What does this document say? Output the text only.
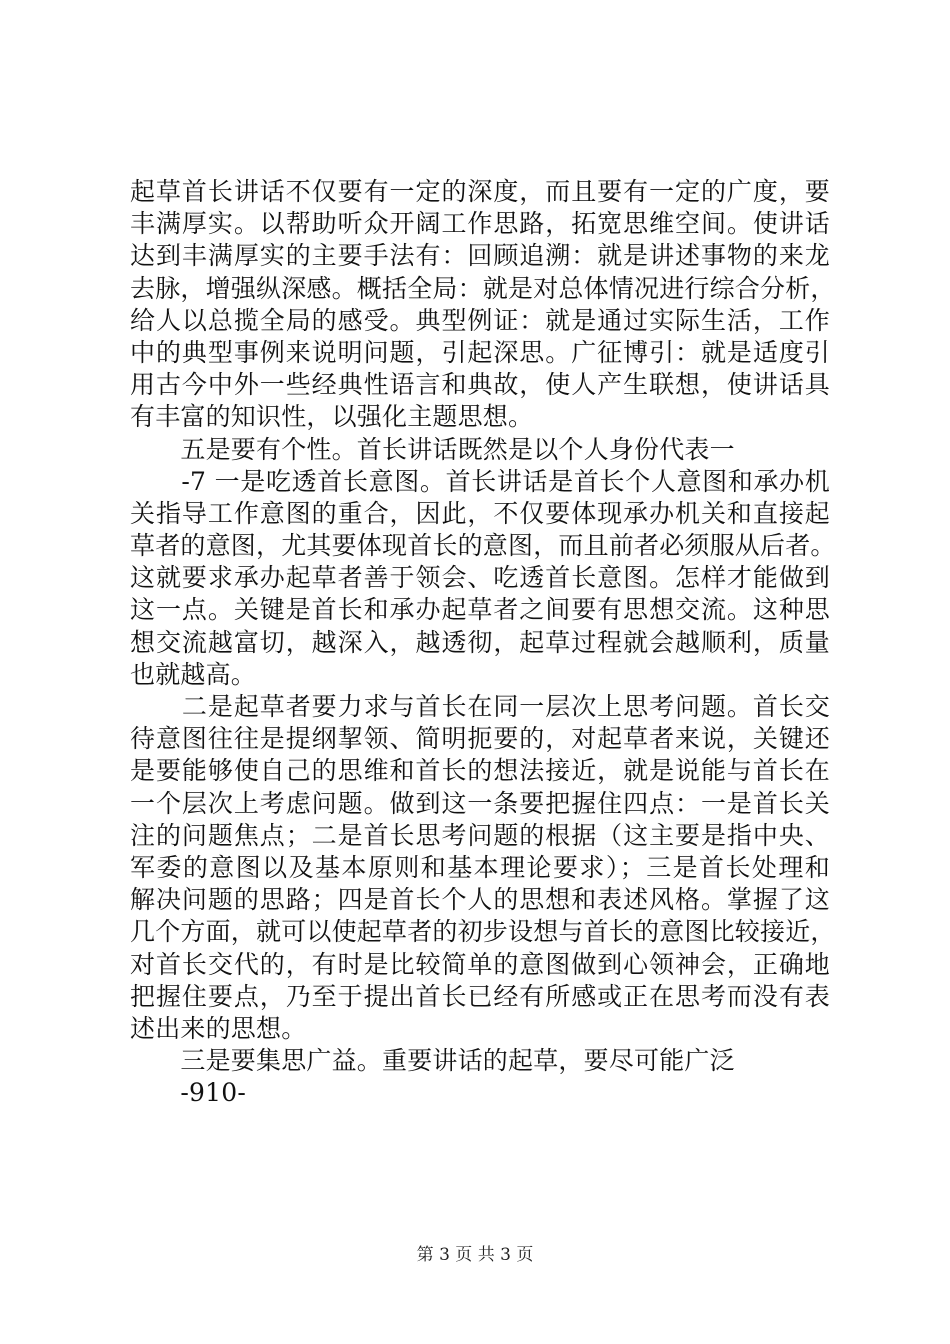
起草首长讲话不仅要有一定的深度，而且要有一定的广度，要
丰满厚实。以帮助听众开阔工作思路，拓宽思维空间。使讲话
达到丰满厚实的主要手法有：回顾追溯：就是讲述事物的来龙
去脉，增强纵深感。概括全局：就是对总体情况进行综合分析，
给人以总揽全局的感受。典型例证：就是通过实际生活，工作
中的典型事例来说明问题，引起深思。广征博引：就是适度引
用古今中外一些经典性语言和典故，使人产生联想，使讲话具
有丰富的知识性，以强化主题思想。
　　五是要有个性。首长讲话既然是以个人身份代表一
　　-7 一是吃透首长意图。首长讲话是首长个人意图和承办机
关指导工作意图的重合，因此，不仅要体现承办机关和直接起
草者的意图，尤其要体现首长的意图，而且前者必须服从后者。
这就要求承办起草者善于领会、吃透首长意图。怎样才能做到
这一点。关键是首长和承办起草者之间要有思想交流。这种思
想交流越富切，越深入，越透彻，起草过程就会越顺利，质量
也就越高。
　　二是起草者要力求与首长在同一层次上思考问题。首长交
待意图往往是提纲挈领、简明扼要的，对起草者来说，关键还
是要能够使自己的思维和首长的想法接近，就是说能与首长在
一个层次上考虑问题。做到这一条要把握住四点：一是首长关
注的问题焦点；二是首长思考问题的根据（这主要是指中央、
军委的意图以及基本原则和基本理论要求）；三是首长处理和
解决问题的思路；四是首长个人的思想和表述风格。掌握了这
几个方面，就可以使起草者的初步设想与首长的意图比较接近，
对首长交代的，有时是比较简单的意图做到心领神会，正确地
把握住要点，乃至于提出首长已经有所感或正在思考而没有表
述出来的思想。
　　三是要集思广益。重要讲话的起草，要尽可能广泛
　　-910-
第 3 页 共 3 页
